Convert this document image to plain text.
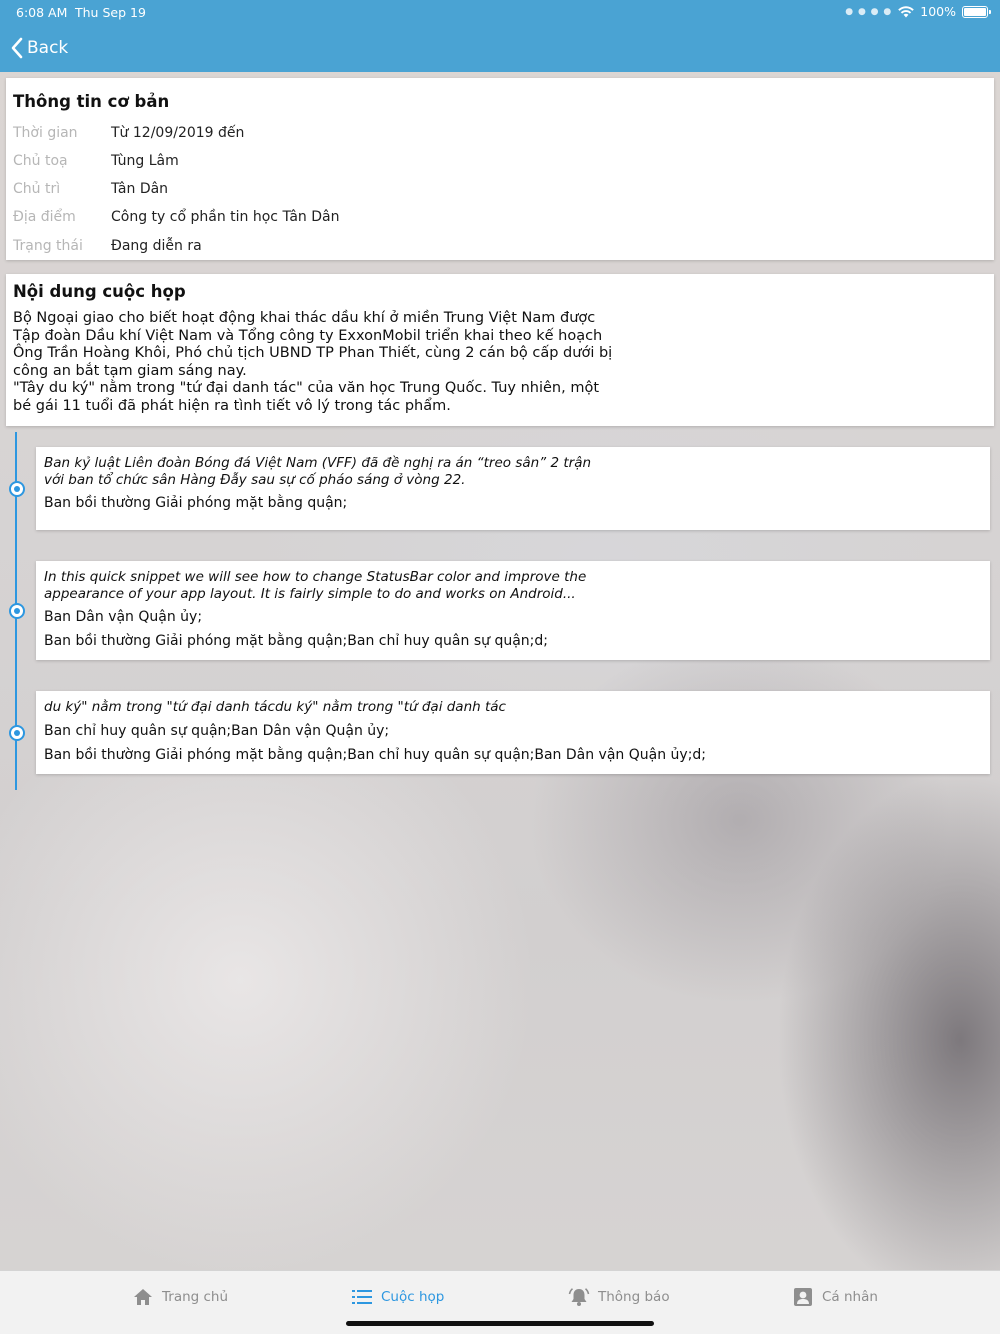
6:08 AM Thu Sep 19	● ● ● ● 100%
Back
Thông tin cơ bản
Thời gian	Từ 12/09/2019 đến
Chủ toạ	Tùng Lâm
Chủ trì	Tân Dân
Địa điểm	Công ty cổ phần tin học Tân Dân
Trạng thái	Đang diễn ra
Nội dung cuộc họp
Bộ Ngoại giao cho biết hoạt động khai thác dầu khí ở miền Trung Việt Nam được
Tập đoàn Dầu khí Việt Nam và Tổng công ty ExxonMobil triển khai theo kế hoạch
Ông Trần Hoàng Khôi, Phó chủ tịch UBND TP Phan Thiết, cùng 2 cán bộ cấp dưới bị
công an bắt tạm giam sáng nay.
"Tây du ký" nằm trong "tứ đại danh tác" của văn học Trung Quốc. Tuy nhiên, một
bé gái 11 tuổi đã phát hiện ra tình tiết vô lý trong tác phẩm.
Ban kỷ luật Liên đoàn Bóng đá Việt Nam (VFF) đã đề nghị ra án “treo sân” 2 trận
với ban tổ chức sân Hàng Đẫy sau sự cố pháo sáng ở vòng 22.
Ban bồi thường Giải phóng mặt bằng quận;
In this quick snippet we will see how to change StatusBar color and improve the
appearance of your app layout. It is fairly simple to do and works on Android...
Ban Dân vận Quận ủy;
Ban bồi thường Giải phóng mặt bằng quận;Ban chỉ huy quân sự quận;d;
du ký" nằm trong "tứ đại danh tácdu ký" nằm trong "tứ đại danh tác
Ban chỉ huy quân sự quận;Ban Dân vận Quận ủy;
Ban bồi thường Giải phóng mặt bằng quận;Ban chỉ huy quân sự quận;Ban Dân vận Quận ủy;d;
Trang chủ	Cuộc họp	Thông báo	Cá nhân
